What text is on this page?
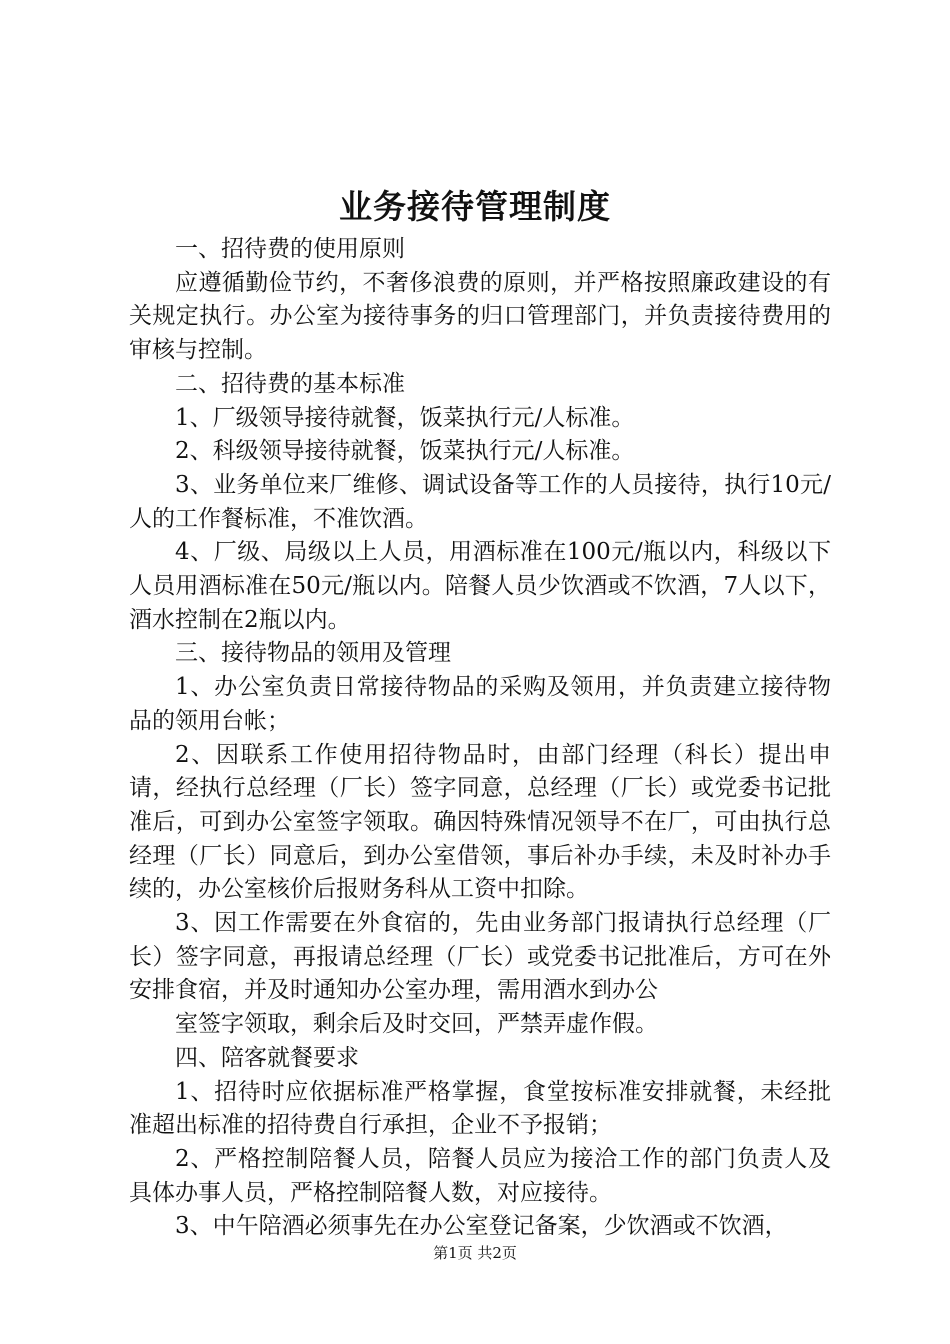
业务接待管理制度

一、招待费的使用原则

应遵循勤俭节约，不奢侈浪费的原则，并严格按照廉政建设的有关规定执行。办公室为接待事务的归口管理部门，并负责接待费用的审核与控制。

二、招待费的基本标准

1、厂级领导接待就餐，饭菜执行元/人标准。

2、科级领导接待就餐，饭菜执行元/人标准。

3、业务单位来厂维修、调试设备等工作的人员接待，执行10元/人的工作餐标准，不准饮酒。

4、厂级、局级以上人员，用酒标准在100元/瓶以内，科级以下人员用酒标准在50元/瓶以内。陪餐人员少饮酒或不饮酒，7人以下，酒水控制在2瓶以内。

三、接待物品的领用及管理

1、办公室负责日常接待物品的采购及领用，并负责建立接待物品的领用台帐；

2、因联系工作使用招待物品时，由部门经理（科长）提出申请，经执行总经理（厂长）签字同意，总经理（厂长）或党委书记批准后，可到办公室签字领取。确因特殊情况领导不在厂，可由执行总经理（厂长）同意后，到办公室借领，事后补办手续，未及时补办手续的，办公室核价后报财务科从工资中扣除。

3、因工作需要在外食宿的，先由业务部门报请执行总经理（厂长）签字同意，再报请总经理（厂长）或党委书记批准后，方可在外安排食宿，并及时通知办公室办理，需用酒水到办公

室签字领取，剩余后及时交回，严禁弄虚作假。

四、陪客就餐要求

1、招待时应依据标准严格掌握，食堂按标准安排就餐，未经批准超出标准的招待费自行承担，企业不予报销；

2、严格控制陪餐人员，陪餐人员应为接洽工作的部门负责人及具体办事人员，严格控制陪餐人数，对应接待。

3、中午陪酒必须事先在办公室登记备案，少饮酒或不饮酒，

第1页 共2页
